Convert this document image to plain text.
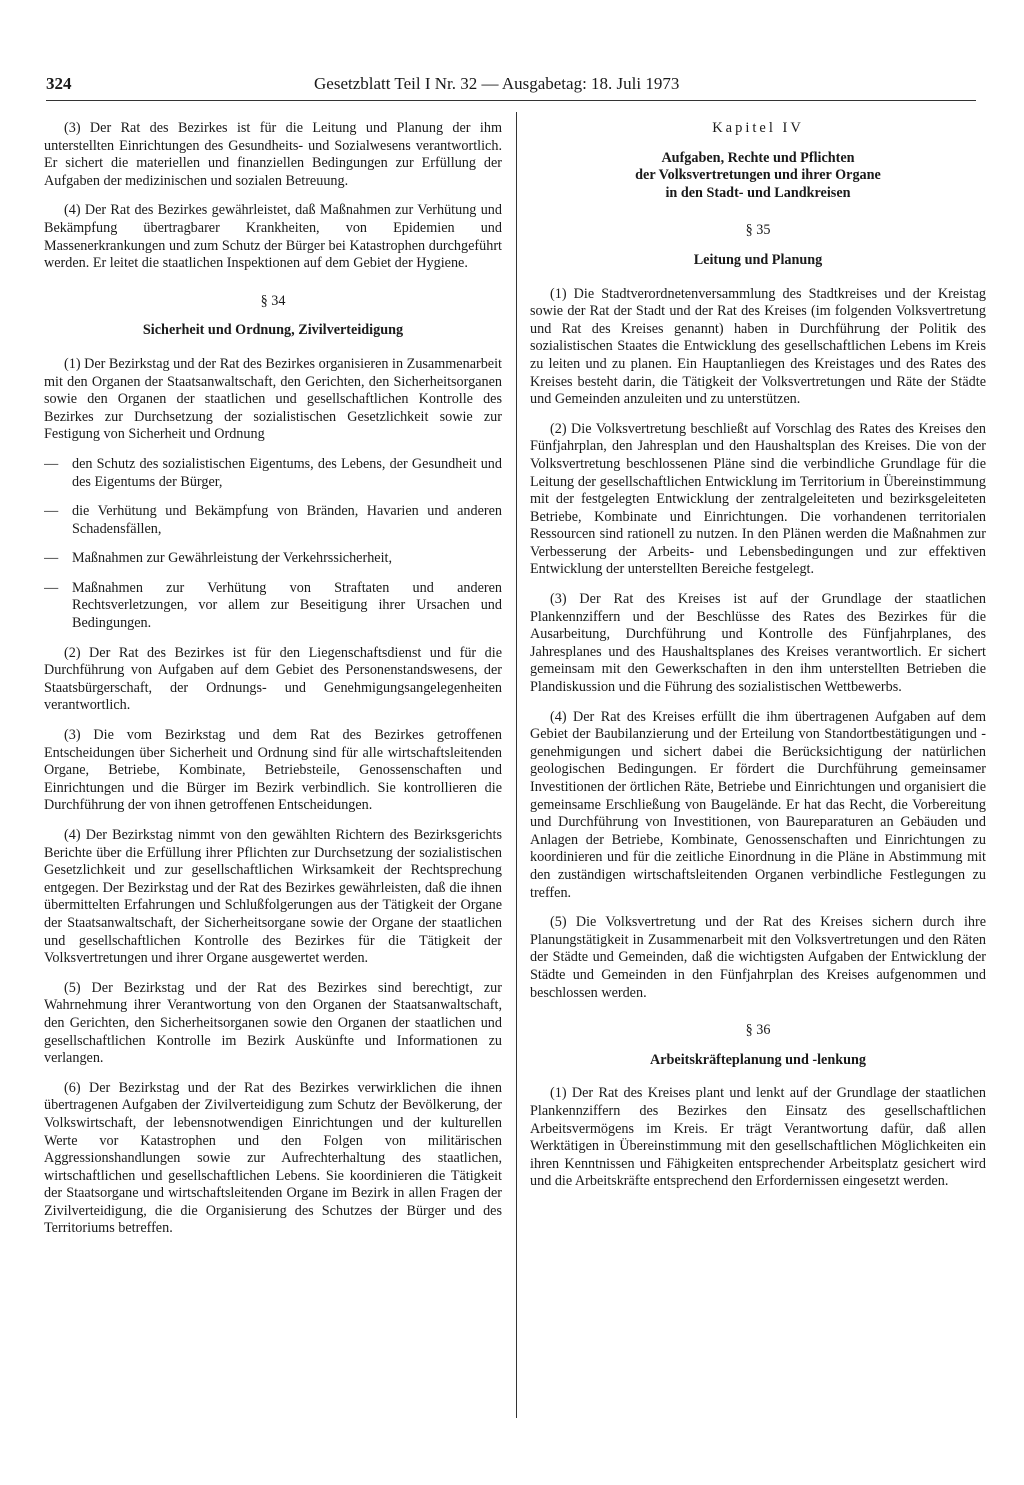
324	Gesetzblatt Teil I Nr. 32 — Ausgabetag: 18. Juli 1973

(3) Der Rat des Bezirkes ist für die Leitung und Planung der ihm unterstellten Einrichtungen des Gesundheits- und Sozialwesens verantwortlich. Er sichert die materiellen und finanziellen Bedingungen zur Erfüllung der Aufgaben der medizinischen und sozialen Betreuung.

(4) Der Rat des Bezirkes gewährleistet, daß Maßnahmen zur Verhütung und Bekämpfung übertragbarer Krankheiten, von Epidemien und Massenerkrankungen und zum Schutz der Bürger bei Katastrophen durchgeführt werden. Er leitet die staatlichen Inspektionen auf dem Gebiet der Hygiene.

§ 34
Sicherheit und Ordnung, Zivilverteidigung

(1) Der Bezirkstag und der Rat des Bezirkes organisieren in Zusammenarbeit mit den Organen der Staatsanwaltschaft, den Gerichten, den Sicherheitsorganen sowie den Organen der staatlichen und gesellschaftlichen Kontrolle des Bezirkes zur Durchsetzung der sozialistischen Gesetzlichkeit sowie zur Festigung von Sicherheit und Ordnung

— den Schutz des sozialistischen Eigentums, des Lebens, der Gesundheit und des Eigentums der Bürger,
— die Verhütung und Bekämpfung von Bränden, Havarien und anderen Schadensfällen,
— Maßnahmen zur Gewährleistung der Verkehrssicherheit,
— Maßnahmen zur Verhütung von Straftaten und anderen Rechtsverletzungen, vor allem zur Beseitigung ihrer Ursachen und Bedingungen.

(2) Der Rat des Bezirkes ist für den Liegenschaftsdienst und für die Durchführung von Aufgaben auf dem Gebiet des Personenstandswesens, der Staatsbürgerschaft, der Ordnungs- und Genehmigungsangelegenheiten verantwortlich.

(3) Die vom Bezirkstag und dem Rat des Bezirkes getroffenen Entscheidungen über Sicherheit und Ordnung sind für alle wirtschaftsleitenden Organe, Betriebe, Kombinate, Betriebsteile, Genossenschaften und Einrichtungen und die Bürger im Bezirk verbindlich. Sie kontrollieren die Durchführung der von ihnen getroffenen Entscheidungen.

(4) Der Bezirkstag nimmt von den gewählten Richtern des Bezirksgerichts Berichte über die Erfüllung ihrer Pflichten zur Durchsetzung der sozialistischen Gesetzlichkeit und zur gesellschaftlichen Wirksamkeit der Rechtsprechung entgegen. Der Bezirkstag und der Rat des Bezirkes gewährleisten, daß die ihnen übermittelten Erfahrungen und Schlußfolgerungen aus der Tätigkeit der Organe der Staatsanwaltschaft, der Sicherheitsorgane sowie der Organe der staatlichen und gesellschaftlichen Kontrolle des Bezirkes für die Tätigkeit der Volksvertretungen und ihrer Organe ausgewertet werden.

(5) Der Bezirkstag und der Rat des Bezirkes sind berechtigt, zur Wahrnehmung ihrer Verantwortung von den Organen der Staatsanwaltschaft, den Gerichten, den Sicherheitsorganen sowie den Organen der staatlichen und gesellschaftlichen Kontrolle im Bezirk Auskünfte und Informationen zu verlangen.

(6) Der Bezirkstag und der Rat des Bezirkes verwirklichen die ihnen übertragenen Aufgaben der Zivilverteidigung zum Schutz der Bevölkerung, der Volkswirtschaft, der lebensnotwendigen Einrichtungen und der kulturellen Werte vor Katastrophen und den Folgen von militärischen Aggressionshandlungen sowie zur Aufrechterhaltung des staatlichen, wirtschaftlichen und gesellschaftlichen Lebens. Sie koordinieren die Tätigkeit der Staatsorgane und wirtschaftsleitenden Organe im Bezirk in allen Fragen der Zivilverteidigung, die die Organisierung des Schutzes der Bürger und des Territoriums betreffen.

Kapitel IV
Aufgaben, Rechte und Pflichten
der Volksvertretungen und ihrer Organe
in den Stadt- und Landkreisen
§ 35
Leitung und Planung

(1) Die Stadtverordnetenversammlung des Stadtkreises und der Kreistag sowie der Rat der Stadt und der Rat des Kreises (im folgenden Volksvertretung und Rat des Kreises genannt) haben in Durchführung der Politik des sozialistischen Staates die Entwicklung des gesellschaftlichen Lebens im Kreis zu leiten und zu planen. Ein Hauptanliegen des Kreistages und des Rates des Kreises besteht darin, die Tätigkeit der Volksvertretungen und Räte der Städte und Gemeinden anzuleiten und zu unterstützen.

(2) Die Volksvertretung beschließt auf Vorschlag des Rates des Kreises den Fünfjahrplan, den Jahresplan und den Haushaltsplan des Kreises. Die von der Volksvertretung beschlossenen Pläne sind die verbindliche Grundlage für die Leitung der gesellschaftlichen Entwicklung im Territorium in Übereinstimmung mit der festgelegten Entwicklung der zentralgeleiteten und bezirksgeleiteten Betriebe, Kombinate und Einrichtungen. Die vorhandenen territorialen Ressourcen sind rationell zu nutzen. In den Plänen werden die Maßnahmen zur Verbesserung der Arbeits- und Lebensbedingungen und zur effektiven Entwicklung der unterstellten Bereiche festgelegt.

(3) Der Rat des Kreises ist auf der Grundlage der staatlichen Plankennziffern und der Beschlüsse des Rates des Bezirkes für die Ausarbeitung, Durchführung und Kontrolle des Fünfjahrplanes, des Jahresplanes und des Haushaltsplanes des Kreises verantwortlich. Er sichert gemeinsam mit den Gewerkschaften in den ihm unterstellten Betrieben die Plandiskussion und die Führung des sozialistischen Wettbewerbs.

(4) Der Rat des Kreises erfüllt die ihm übertragenen Aufgaben auf dem Gebiet der Baubilanzierung und der Erteilung von Standortbestätigungen und -genehmigungen und sichert dabei die Berücksichtigung der natürlichen geologischen Bedingungen. Er fördert die Durchführung gemeinsamer Investitionen der örtlichen Räte, Betriebe und Einrichtungen und organisiert die gemeinsame Erschließung von Baugelände. Er hat das Recht, die Vorbereitung und Durchführung von Investitionen, von Baureparaturen an Gebäuden und Anlagen der Betriebe, Kombinate, Genossenschaften und Einrichtungen zu koordinieren und für die zeitliche Einordnung in die Pläne in Abstimmung mit den zuständigen wirtschaftsleitenden Organen verbindliche Festlegungen zu treffen.

(5) Die Volksvertretung und der Rat des Kreises sichern durch ihre Planungstätigkeit in Zusammenarbeit mit den Volksvertretungen und den Räten der Städte und Gemeinden, daß die wichtigsten Aufgaben der Entwicklung der Städte und Gemeinden in den Fünfjahrplan des Kreises aufgenommen und beschlossen werden.

§ 36
Arbeitskräfteplanung und -lenkung

(1) Der Rat des Kreises plant und lenkt auf der Grundlage der staatlichen Plankennziffern des Bezirkes den Einsatz des gesellschaftlichen Arbeitsvermögens im Kreis. Er trägt Verantwortung dafür, daß allen Werktätigen in Übereinstimmung mit den gesellschaftlichen Möglichkeiten ein ihren Kenntnissen und Fähigkeiten entsprechender Arbeitsplatz gesichert wird und die Arbeitskräfte entsprechend den Erfordernissen eingesetzt werden.
